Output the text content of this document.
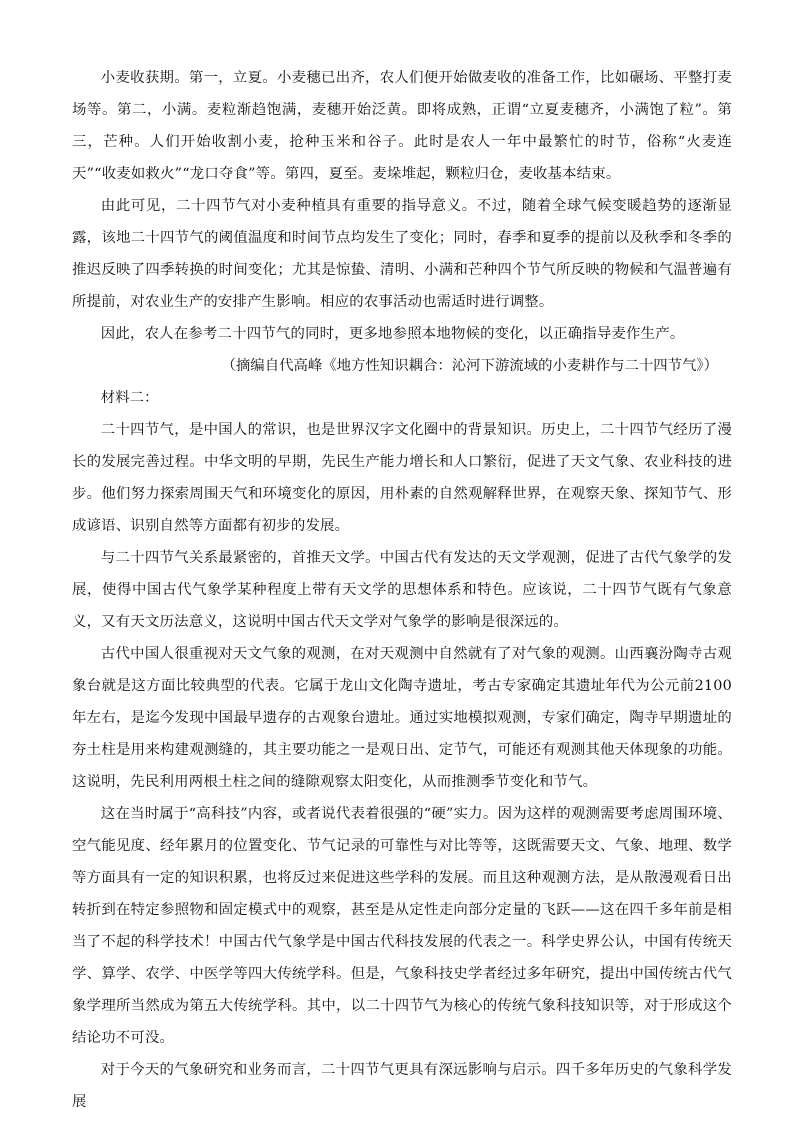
小麦收获期。第一，立夏。小麦穗已出齐，农人们便开始做麦收的准备工作，比如碾场、平整打麦场等。第二，小满。麦粒渐趋饱满，麦穗开始泛黄。即将成熟，正谓“立夏麦穗齐，小满饱了粒”。第三，芒种。人们开始收割小麦，抢种玉米和谷子。此时是农人一年中最繁忙的时节，俗称“火麦连天”“收麦如救火”“龙口夺食”等。第四，夏至。麦垛堆起，颗粒归仓，麦收基本结束。

由此可见，二十四节气对小麦种植具有重要的指导意义。不过，随着全球气候变暖趋势的逐渐显露，该地二十四节气的阈值温度和时间节点均发生了变化；同时，春季和夏季的提前以及秋季和冬季的推迟反映了四季转换的时间变化；尤其是惊蛰、清明、小满和芒种四个节气所反映的物候和气温普遍有所提前，对农业生产的安排产生影响。相应的农事活动也需适时进行调整。

因此，农人在参考二十四节气的同时，更多地参照本地物候的变化，以正确指导麦作生产。

（摘编自代高峰《地方性知识耦合：沁河下游流域的小麦耕作与二十四节气》）

材料二：

二十四节气，是中国人的常识，也是世界汉字文化圈中的背景知识。历史上，二十四节气经历了漫长的发展完善过程。中华文明的早期，先民生产能力增长和人口繁衍，促进了天文气象、农业科技的进步。他们努力探索周围天气和环境变化的原因，用朴素的自然观解释世界，在观察天象、探知节气、形成谚语、识别自然等方面都有初步的发展。

与二十四节气关系最紧密的，首推天文学。中国古代有发达的天文学观测，促进了古代气象学的发展，使得中国古代气象学某种程度上带有天文学的思想体系和特色。应该说，二十四节气既有气象意义，又有天文历法意义，这说明中国古代天文学对气象学的影响是很深远的。

古代中国人很重视对天文气象的观测，在对天观测中自然就有了对气象的观测。山西襄汾陶寺古观象台就是这方面比较典型的代表。它属于龙山文化陶寺遗址，考古专家确定其遗址年代为公元前2100年左右，是迄今发现中国最早遗存的古观象台遗址。通过实地模拟观测，专家们确定，陶寺早期遗址的夯土柱是用来构建观测缝的，其主要功能之一是观日出、定节气，可能还有观测其他天体现象的功能。这说明，先民利用两根土柱之间的缝隙观察太阳变化，从而推测季节变化和节气。

这在当时属于“高科技”内容，或者说代表着很强的“硬”实力。因为这样的观测需要考虑周围环境、空气能见度、经年累月的位置变化、节气记录的可靠性与对比等等，这既需要天文、气象、地理、数学等方面具有一定的知识积累，也将反过来促进这些学科的发展。而且这种观测方法，是从散漫观看日出转折到在特定参照物和固定模式中的观察，甚至是从定性走向部分定量的飞跃——这在四千多年前是相当了不起的科学技术！中国古代气象学是中国古代科技发展的代表之一。科学史界公认，中国有传统天学、算学、农学、中医学等四大传统学科。但是，气象科技史学者经过多年研究，提出中国传统古代气象学理所当然成为第五大传统学科。其中，以二十四节气为核心的传统气象科技知识等，对于形成这个结论功不可没。

对于今天的气象研究和业务而言，二十四节气更具有深远影响与启示。四千多年历史的气象科学发展
